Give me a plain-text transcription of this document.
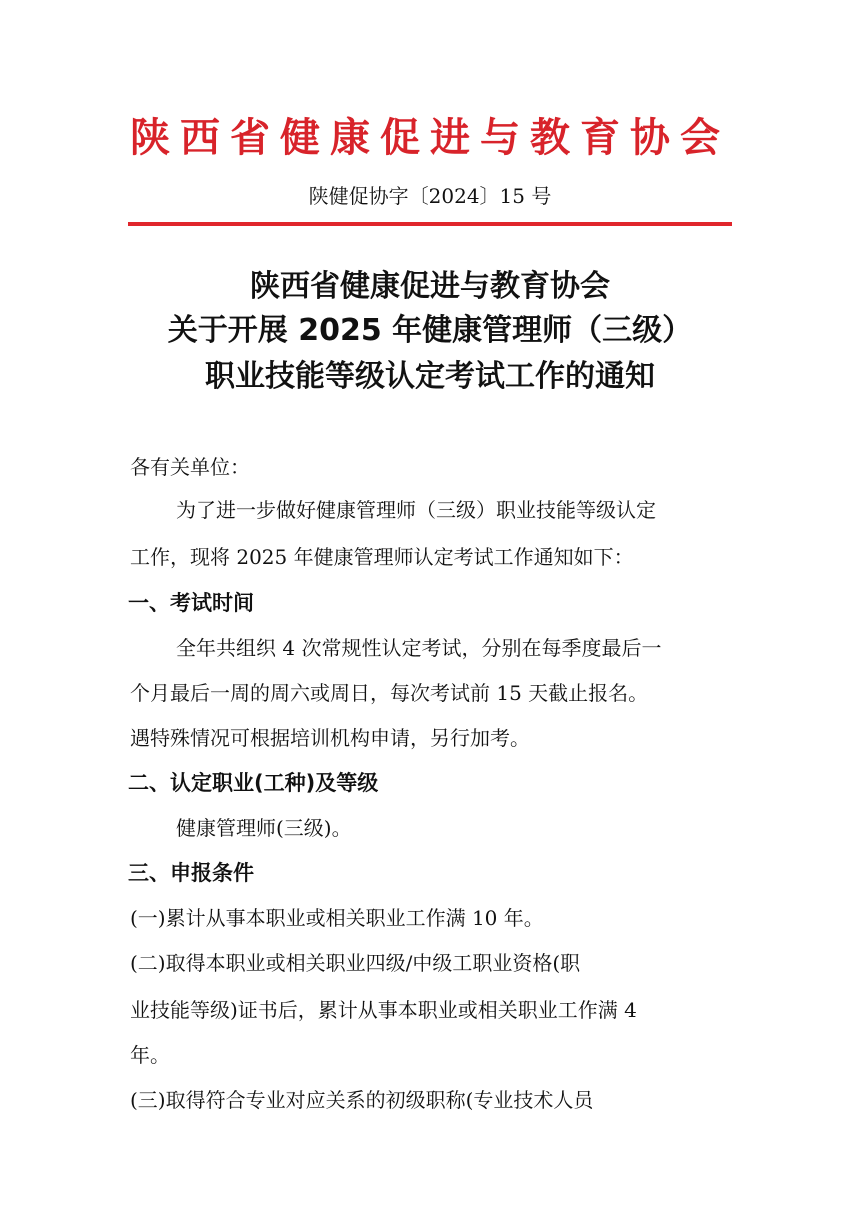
陕西省健康促进与教育协会
陕健促协字〔2024〕15 号
陕西省健康促进与教育协会
关于开展 2025 年健康管理师（三级）
职业技能等级认定考试工作的通知
各有关单位：
为了进一步做好健康管理师（三级）职业技能等级认定
工作，现将 2025 年健康管理师认定考试工作通知如下：
一、考试时间
全年共组织 4 次常规性认定考试，分别在每季度最后一
个月最后一周的周六或周日，每次考试前 15 天截止报名。
遇特殊情况可根据培训机构申请，另行加考。
二、认定职业(工种)及等级
健康管理师(三级)。
三、申报条件
(一)累计从事本职业或相关职业工作满 10 年。
(二)取得本职业或相关职业四级/中级工职业资格(职
业技能等级)证书后，累计从事本职业或相关职业工作满 4
年。
(三)取得符合专业对应关系的初级职称(专业技术人员
